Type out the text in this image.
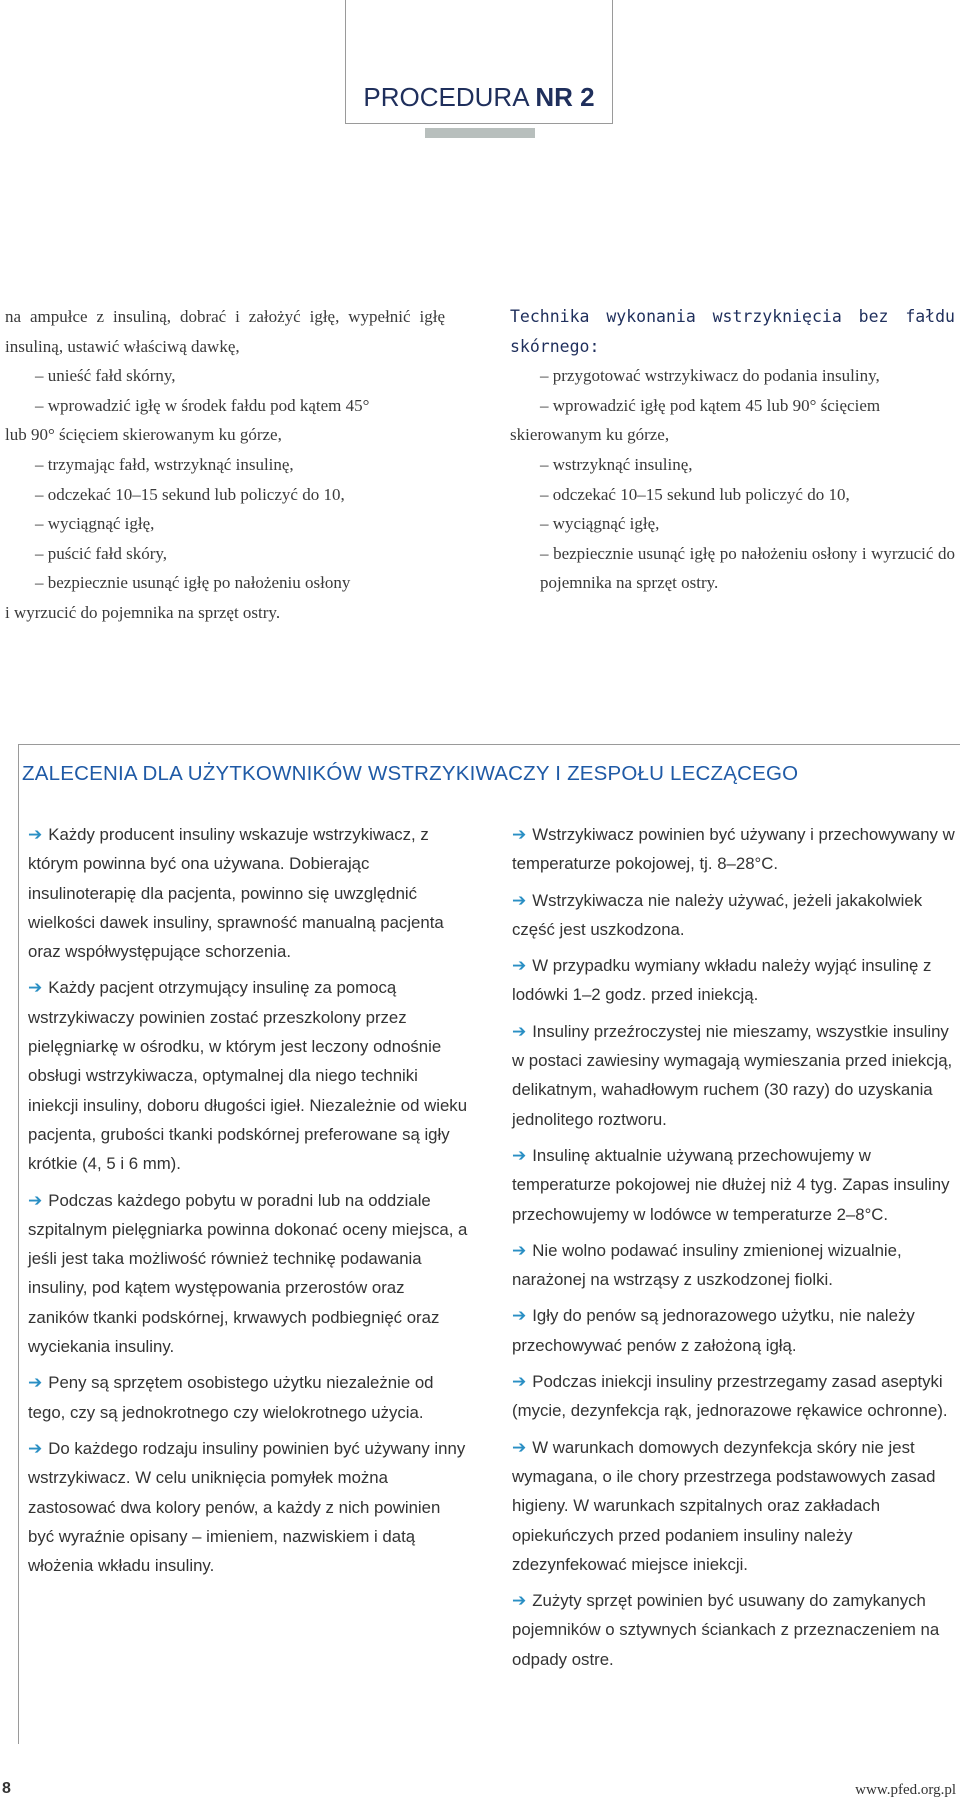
PROCEDURA NR 2

na ampułce z insuliną, dobrać i założyć igłę, wypełnić igłę insuliną, ustawić właściwą dawkę,

– unieść fałd skórny,

– wprowadzić igłę w środek fałdu pod kątem 45°

lub 90° ścięciem skierowanym ku górze,

– trzymając fałd, wstrzyknąć insulinę,

– odczekać 10–15 sekund lub policzyć do 10,

– wyciągnąć igłę,

– puścić fałd skóry,

– bezpiecznie usunąć igłę po nałożeniu osłony

i wyrzucić do pojemnika na sprzęt ostry.

Technika wykonania wstrzyknięcia bez fałdu skórnego:

– przygotować wstrzykiwacz do podania insuliny,

– wprowadzić igłę pod kątem 45 lub 90° ścięciem

skierowanym ku górze,

– wstrzyknąć insulinę,

– odczekać 10–15 sekund lub policzyć do 10,

– wyciągnąć igłę,

– bezpiecznie usunąć igłę po nałożeniu osłony i wyrzucić do pojemnika na sprzęt ostry.

ZALECENIA DLA UŻYTKOWNIKÓW WSTRZYKIWACZY I ZESPOŁU LECZĄCEGO

➔ Każdy producent insuliny wskazuje wstrzykiwacz, z którym powinna być ona używana. Dobierając insulinoterapię dla pacjenta, powinno się uwzględnić wielkości dawek insuliny, sprawność manualną pacjenta oraz współwystępujące schorzenia.

➔ Każdy pacjent otrzymujący insulinę za pomocą wstrzykiwaczy powinien zostać przeszkolony przez pielęgniarkę w ośrodku, w którym jest leczony odnośnie obsługi wstrzykiwacza, optymalnej dla niego techniki iniekcji insuliny, doboru długości igieł. Niezależnie od wieku pacjenta, grubości tkanki podskórnej preferowane są igły krótkie (4, 5 i 6 mm).

➔ Podczas każdego pobytu w poradni lub na oddziale szpitalnym pielęgniarka powinna dokonać oceny miejsca, a jeśli jest taka możliwość również technikę podawania insuliny, pod kątem występowania przerostów oraz zaników tkanki podskórnej, krwawych podbiegnięć oraz wyciekania insuliny.

➔ Peny są sprzętem osobistego użytku niezależnie od tego, czy są jednokrotnego czy wielokrotnego użycia.

➔ Do każdego rodzaju insuliny powinien być używany inny wstrzykiwacz. W celu uniknięcia pomyłek można zastosować dwa kolory penów, a każdy z nich powinien być wyraźnie opisany – imieniem, nazwiskiem i datą włożenia wkładu insuliny.

➔ Wstrzykiwacz powinien być używany i przechowywany w temperaturze pokojowej, tj. 8–28°C.

➔ Wstrzykiwacza nie należy używać, jeżeli jakakolwiek część jest uszkodzona.

➔ W przypadku wymiany wkładu należy wyjąć insulinę z lodówki 1–2 godz. przed iniekcją.

➔ Insuliny przeźroczystej nie mieszamy, wszystkie insuliny w postaci zawiesiny wymagają wymieszania przed iniekcją, delikatnym, wahadłowym ruchem (30 razy) do uzyskania jednolitego roztworu.

➔ Insulinę aktualnie używaną przechowujemy w temperaturze pokojowej nie dłużej niż 4 tyg. Zapas insuliny przechowujemy w lodówce w temperaturze 2–8°C.

➔ Nie wolno podawać insuliny zmienionej wizualnie, narażonej na wstrząsy z uszkodzonej fiolki.

➔ Igły do penów są jednorazowego użytku, nie należy przechowywać penów z założoną igłą.

➔ Podczas iniekcji insuliny przestrzegamy zasad aseptyki (mycie, dezynfekcja rąk, jednorazowe rękawice ochronne).

➔ W warunkach domowych dezynfekcja skóry nie jest wymagana, o ile chory przestrzega podstawowych zasad higieny. W warunkach szpitalnych oraz zakładach opiekuńczych przed podaniem insuliny należy zdezynfekować miejsce iniekcji.

➔ Zużyty sprzęt powinien być usuwany do zamykanych pojemników o sztywnych ściankach z przeznaczeniem na odpady ostre.

8	www.pfed.org.pl
